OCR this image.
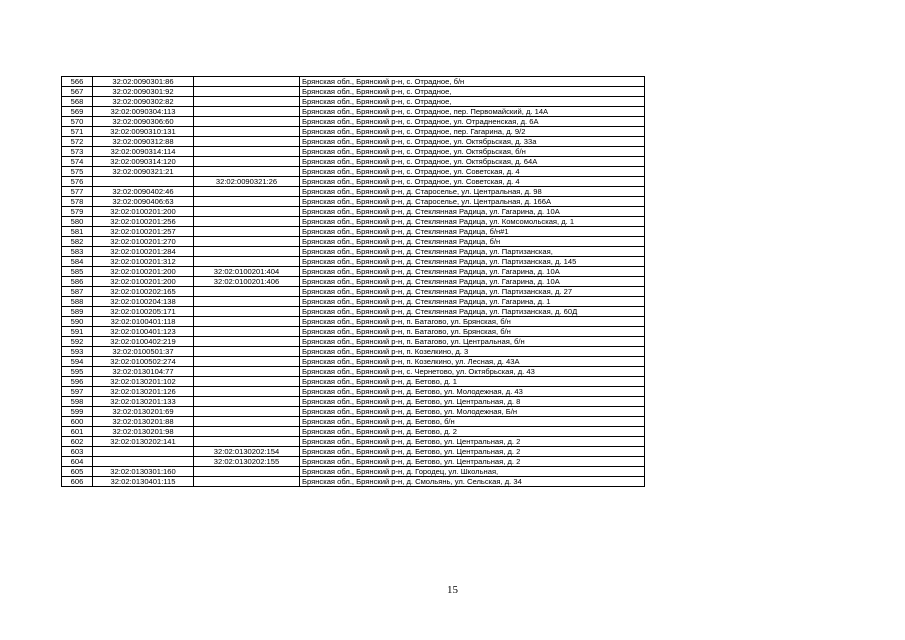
566	32:02:0090301:86		Брянская обл., Брянский р-н, с. Отрадное, б/н
567	32:02:0090301:92		Брянская обл., Брянский р-н, с. Отрадное,
568	32:02:0090302:82		Брянская обл., Брянский р-н, с. Отрадное,
569	32:02:0090304:113		Брянская обл., Брянский р-н, с. Отрадное, пер. Первомайский, д. 14А
570	32:02:0090306:60		Брянская обл., Брянский р-н, с. Отрадное, ул. Отрадненская, д. 6А
571	32:02:0090310:131		Брянская обл., Брянский р-н, с. Отрадное, пер. Гагарина, д. 9/2
572	32:02:0090312:88		Брянская обл., Брянский р-н, с. Отрадное, ул. Октябрьская, д. 33а
573	32:02:0090314:114		Брянская обл., Брянский р-н, с. Отрадное, ул. Октябрьская, б/н
574	32:02:0090314:120		Брянская обл., Брянский р-н, с. Отрадное, ул. Октябрьская, д. 64А
575	32:02:0090321:21		Брянская обл., Брянский р-н, с. Отрадное, ул. Советская, д. 4
576		32:02:0090321:26	Брянская обл., Брянский р-н, с. Отрадное, ул. Советская, д. 4
577	32:02:0090402:46		Брянская обл., Брянский р-н, д. Староселье, ул. Центральная, д. 98
578	32:02:0090406:63		Брянская обл., Брянский р-н, д. Староселье, ул. Центральная, д. 166А
579	32:02:0100201:200		Брянская обл., Брянский р-н, д. Стеклянная Радица, ул. Гагарина, д. 10А
580	32:02:0100201:256		Брянская обл., Брянский р-н, д. Стеклянная Радица, ул. Комсомольская, д. 1
581	32:02:0100201:257		Брянская обл., Брянский р-н, д. Стеклянная Радица, б/н#1
582	32:02:0100201:270		Брянская обл., Брянский р-н, д. Стеклянная Радица, б/н
583	32:02:0100201:284		Брянская обл., Брянский р-н, д. Стеклянная Радица, ул. Партизанская,
584	32:02:0100201:312		Брянская обл., Брянский р-н, д. Стеклянная Радица, ул. Партизанская, д. 145
585	32:02:0100201:200	32:02:0100201:404	Брянская обл., Брянский р-н, д. Стеклянная Радица, ул. Гагарина, д. 10А
586	32:02:0100201:200	32:02:0100201:406	Брянская обл., Брянский р-н, д. Стеклянная Радица, ул. Гагарина, д. 10А
587	32:02:0100202:165		Брянская обл., Брянский р-н, д. Стеклянная Радица, ул. Партизанская, д. 27
588	32:02:0100204:138		Брянская обл., Брянский р-н, д. Стеклянная Радица, ул. Гагарина, д. 1
589	32:02:0100205:171		Брянская обл., Брянский р-н, д. Стеклянная Радица, ул. Партизанская, д. 60Д
590	32:02:0100401:118		Брянская обл., Брянский р-н, п. Батагово, ул. Брянская, б/н
591	32:02:0100401:123		Брянская обл., Брянский р-н, п. Батагово, ул. Брянская, б/н
592	32:02:0100402:219		Брянская обл., Брянский р-н, п. Батагово, ул. Центральная, б/н
593	32:02:0100501:37		Брянская обл., Брянский р-н, п. Козелкино, д. 3
594	32:02:0100502:274		Брянская обл., Брянский р-н, п. Козелкино, ул. Лесная, д. 43А
595	32:02:0130104:77		Брянская обл., Брянский р-н, с. Чернетово, ул. Октябрьская, д. 43
596	32:02:0130201:102		Брянская обл., Брянский р-н, д. Бетово, д. 1
597	32:02:0130201:126		Брянская обл., Брянский р-н, д. Бетово, ул. Молодежная, д. 43
598	32:02:0130201:133		Брянская обл., Брянский р-н, д. Бетово, ул. Центральная, д. 8
599	32:02:0130201:69		Брянская обл., Брянский р-н, д. Бетово, ул. Молодежная, Б/н
600	32:02:0130201:88		Брянская обл., Брянский р-н, д. Бетово, б/н
601	32:02:0130201:98		Брянская обл., Брянский р-н, д. Бетово, д. 2
602	32:02:0130202:141		Брянская обл., Брянский р-н, д. Бетово, ул. Центральная, д. 2
603		32:02:0130202:154	Брянская обл., Брянский р-н, д. Бетово, ул. Центральная, д. 2
604		32:02:0130202:155	Брянская обл., Брянский р-н, д. Бетово, ул. Центральная, д. 2
605	32:02:0130301:160		Брянская обл., Брянский р-н, д. Городец, ул. Школьная,
606	32:02:0130401:115		Брянская обл., Брянский р-н, д. Смольянь, ул. Сельская, д. 34
15
